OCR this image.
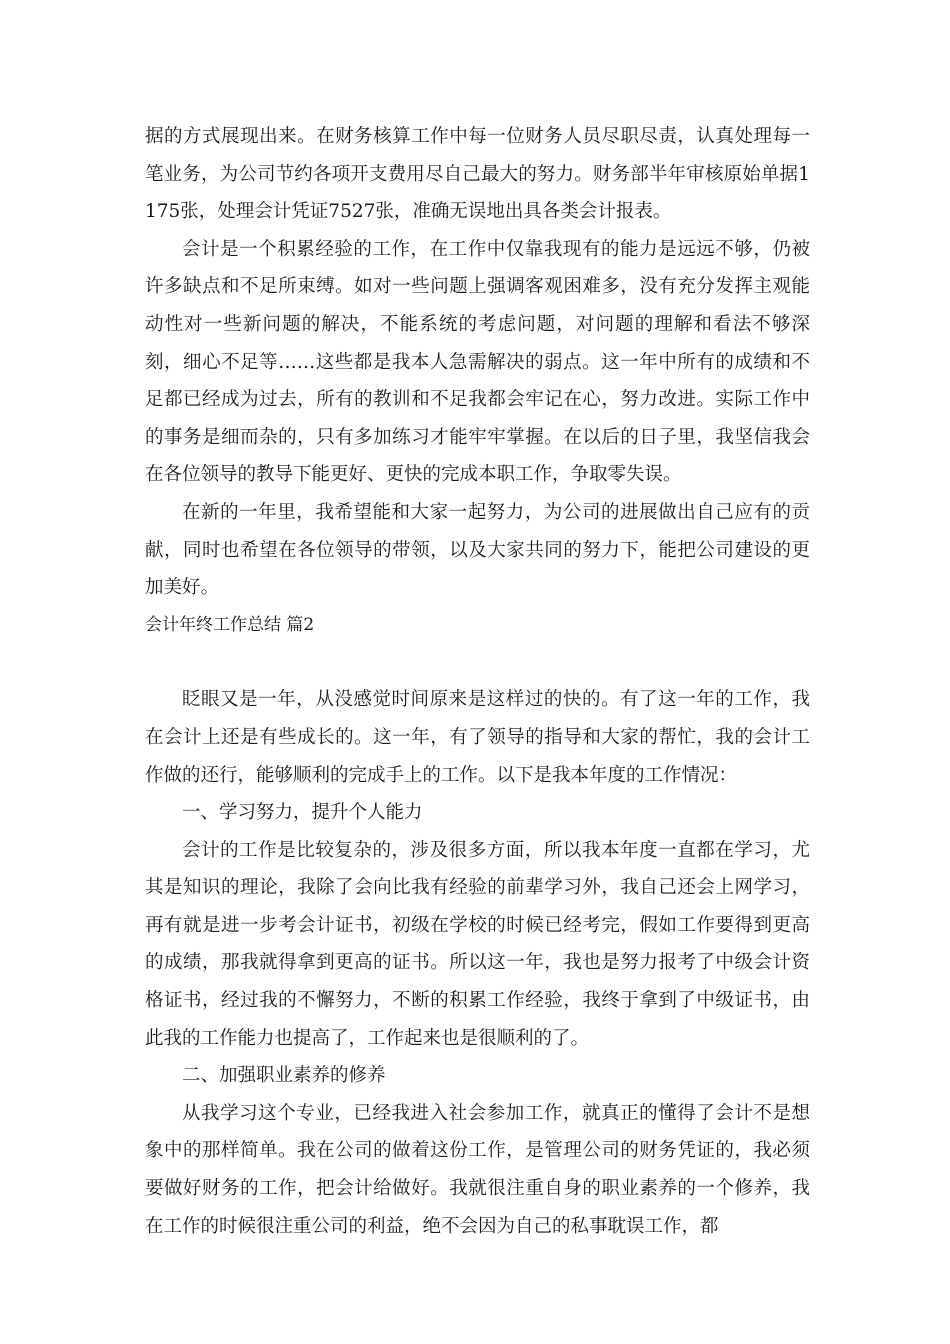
据的方式展现出来。在财务核算工作中每一位财务人员尽职尽责，认真处理每一笔业务，为公司节约各项开支费用尽自己最大的努力。财务部半年审核原始单据1175张，处理会计凭证7527张，准确无误地出具各类会计报表。

会计是一个积累经验的工作，在工作中仅靠我现有的能力是远远不够，仍被许多缺点和不足所束缚。如对一些问题上强调客观困难多，没有充分发挥主观能动性对一些新问题的解决，不能系统的考虑问题，对问题的理解和看法不够深刻，细心不足等……这些都是我本人急需解决的弱点。这一年中所有的成绩和不足都已经成为过去，所有的教训和不足我都会牢记在心，努力改进。实际工作中的事务是细而杂的，只有多加练习才能牢牢掌握。在以后的日子里，我坚信我会在各位领导的教导下能更好、更快的完成本职工作，争取零失误。

在新的一年里，我希望能和大家一起努力，为公司的进展做出自己应有的贡献，同时也希望在各位领导的带领，以及大家共同的努力下，能把公司建设的更加美好。

会计年终工作总结 篇2

眨眼又是一年，从没感觉时间原来是这样过的快的。有了这一年的工作，我在会计上还是有些成长的。这一年，有了领导的指导和大家的帮忙，我的会计工作做的还行，能够顺利的完成手上的工作。以下是我本年度的工作情况：

一、学习努力，提升个人能力

会计的工作是比较复杂的，涉及很多方面，所以我本年度一直都在学习，尤其是知识的理论，我除了会向比我有经验的前辈学习外，我自己还会上网学习，再有就是进一步考会计证书，初级在学校的时候已经考完，假如工作要得到更高的成绩，那我就得拿到更高的证书。所以这一年，我也是努力报考了中级会计资格证书，经过我的不懈努力，不断的积累工作经验，我终于拿到了中级证书，由此我的工作能力也提高了，工作起来也是很顺利的了。

二、加强职业素养的修养

从我学习这个专业，已经我进入社会参加工作，就真正的懂得了会计不是想象中的那样简单。我在公司的做着这份工作，是管理公司的财务凭证的，我必须要做好财务的工作，把会计给做好。我就很注重自身的职业素养的一个修养，我在工作的时候很注重公司的利益，绝不会因为自己的私事耽误工作，都
